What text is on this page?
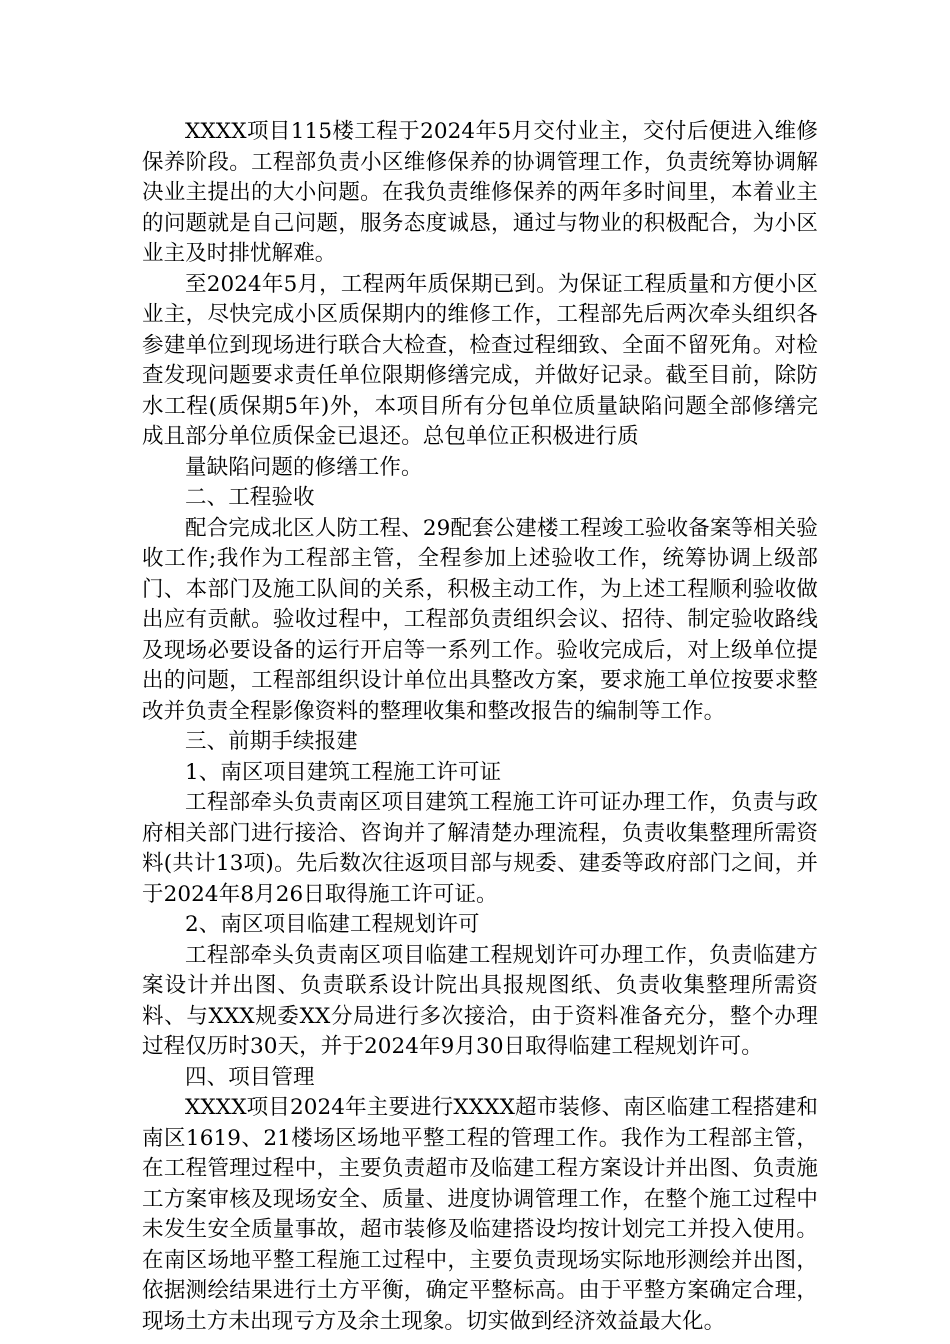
XXXX项目115楼工程于2024年5月交付业主，交付后便进入维修保养阶段。工程部负责小区维修保养的协调管理工作，负责统筹协调解决业主提出的大小问题。在我负责维修保养的两年多时间里，本着业主的问题就是自己问题，服务态度诚恳，通过与物业的积极配合，为小区业主及时排忧解难。

至2024年5月，工程两年质保期已到。为保证工程质量和方便小区业主，尽快完成小区质保期内的维修工作，工程部先后两次牵头组织各参建单位到现场进行联合大检查，检查过程细致、全面不留死角。对检查发现问题要求责任单位限期修缮完成，并做好记录。截至目前，除防水工程(质保期5年)外，本项目所有分包单位质量缺陷问题全部修缮完成且部分单位质保金已退还。总包单位正积极进行质

量缺陷问题的修缮工作。

二、工程验收

配合完成北区人防工程、29配套公建楼工程竣工验收备案等相关验收工作;我作为工程部主管，全程参加上述验收工作，统筹协调上级部门、本部门及施工队间的关系，积极主动工作，为上述工程顺利验收做出应有贡献。验收过程中，工程部负责组织会议、招待、制定验收路线及现场必要设备的运行开启等一系列工作。验收完成后，对上级单位提出的问题，工程部组织设计单位出具整改方案，要求施工单位按要求整改并负责全程影像资料的整理收集和整改报告的编制等工作。

三、前期手续报建

1、南区项目建筑工程施工许可证

工程部牵头负责南区项目建筑工程施工许可证办理工作，负责与政府相关部门进行接洽、咨询并了解清楚办理流程，负责收集整理所需资料(共计13项)。先后数次往返项目部与规委、建委等政府部门之间，并于2024年8月26日取得施工许可证。

2、南区项目临建工程规划许可

工程部牵头负责南区项目临建工程规划许可办理工作，负责临建方案设计并出图、负责联系设计院出具报规图纸、负责收集整理所需资料、与XXX规委XX分局进行多次接洽，由于资料准备充分，整个办理过程仅历时30天，并于2024年9月30日取得临建工程规划许可。

四、项目管理

XXXX项目2024年主要进行XXXX超市装修、南区临建工程搭建和南区1619、21楼场区场地平整工程的管理工作。我作为工程部主管，在工程管理过程中，主要负责超市及临建工程方案设计并出图、负责施工方案审核及现场安全、质量、进度协调管理工作，在整个施工过程中未发生安全质量事故，超市装修及临建搭设均按计划完工并投入使用。在南区场地平整工程施工过程中，主要负责现场实际地形测绘并出图，依据测绘结果进行土方平衡，确定平整标高。由于平整方案确定合理，现场土方未出现亏方及余土现象。切实做到经济效益最大化。
